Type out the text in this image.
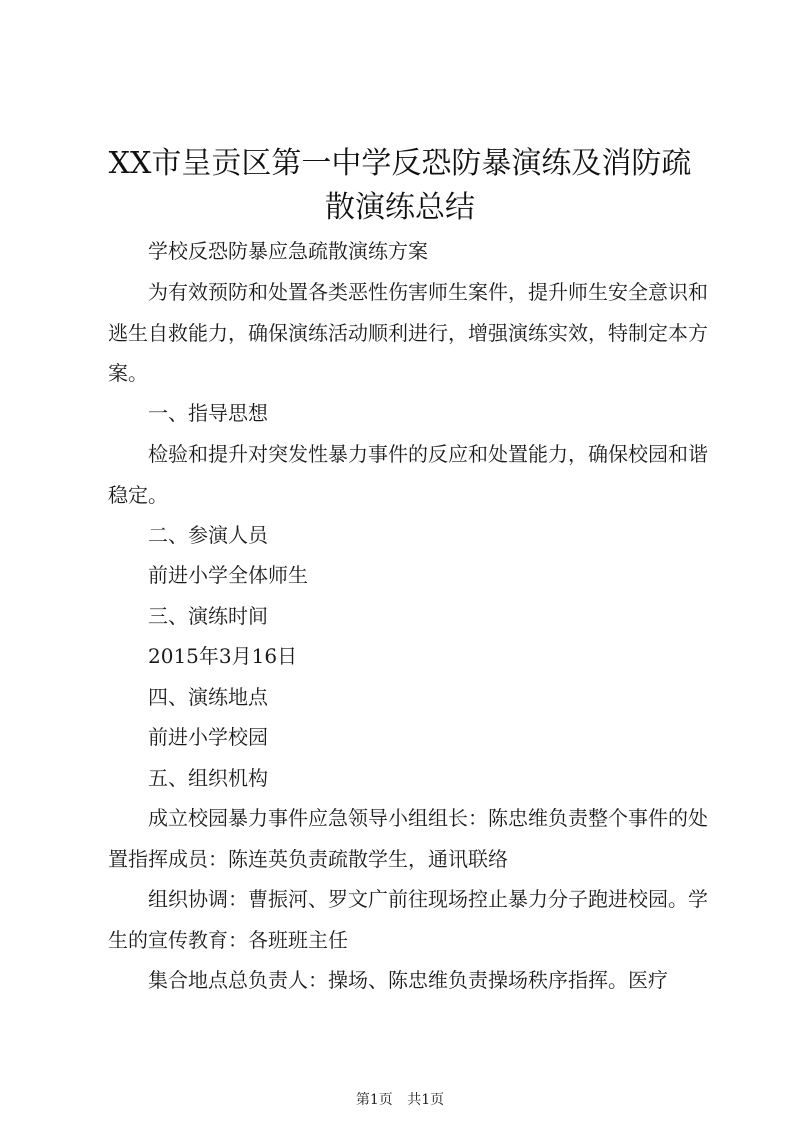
XX市呈贡区第一中学反恐防暴演练及消防疏
散演练总结

学校反恐防暴应急疏散演练方案

为有效预防和处置各类恶性伤害师生案件，提升师生安全意识和逃生自救能力，确保演练活动顺利进行，增强演练实效，特制定本方案。

一、指导思想

检验和提升对突发性暴力事件的反应和处置能力，确保校园和谐稳定。

二、参演人员

前进小学全体师生

三、演练时间

2015年3月16日

四、演练地点

前进小学校园

五、组织机构

成立校园暴力事件应急领导小组组长：陈忠维负责整个事件的处置指挥成员：陈连英负责疏散学生，通讯联络

组织协调：曹振河、罗文广前往现场控止暴力分子跑进校园。学生的宣传教育：各班班主任

集合地点总负责人：操场、陈忠维负责操场秩序指挥。医疗

第1页 共1页
